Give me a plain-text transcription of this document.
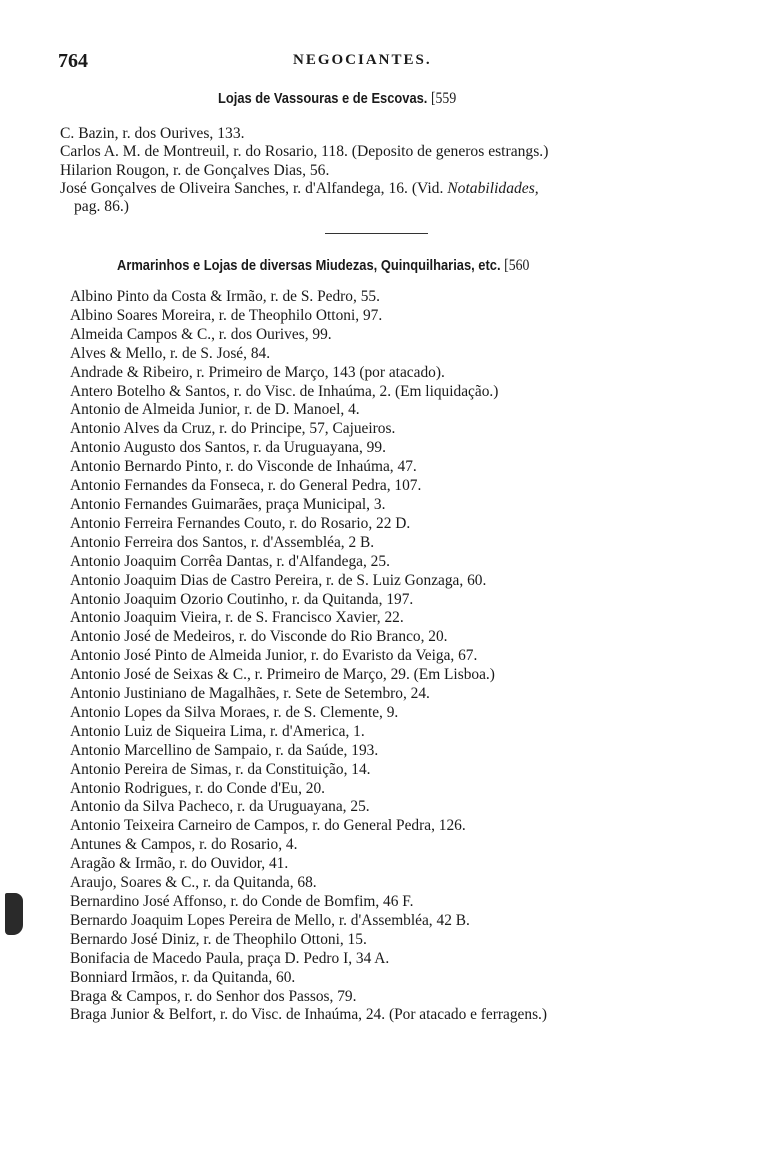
764	NEGOCIANTES.
Lojas de Vassouras e de Escovas. [559
C. Bazin, r. dos Ourives, 133.
Carlos A. M. de Montreuil, r. do Rosario, 118. (Deposito de generos estrangs.)
Hilarion Rougon, r. de Gonçalves Dias, 56.
José Gonçalves de Oliveira Sanches, r. d'Alfandega, 16. (Vid. Notabilidades,
pag. 86.)
Armarinhos e Lojas de diversas Miudezas, Quinquilharias, etc. [560
Albino Pinto da Costa & Irmão, r. de S. Pedro, 55.
Albino Soares Moreira, r. de Theophilo Ottoni, 97.
Almeida Campos & C., r. dos Ourives, 99.
Alves & Mello, r. de S. José, 84.
Andrade & Ribeiro, r. Primeiro de Março, 143 (por atacado).
Antero Botelho & Santos, r. do Visc. de Inhaúma, 2. (Em liquidação.)
Antonio de Almeida Junior, r. de D. Manoel, 4.
Antonio Alves da Cruz, r. do Principe, 57, Cajueiros.
Antonio Augusto dos Santos, r. da Uruguayana, 99.
Antonio Bernardo Pinto, r. do Visconde de Inhaúma, 47.
Antonio Fernandes da Fonseca, r. do General Pedra, 107.
Antonio Fernandes Guimarães, praça Municipal, 3.
Antonio Ferreira Fernandes Couto, r. do Rosario, 22 D.
Antonio Ferreira dos Santos, r. d'Assembléa, 2 B.
Antonio Joaquim Corrêa Dantas, r. d'Alfandega, 25.
Antonio Joaquim Dias de Castro Pereira, r. de S. Luiz Gonzaga, 60.
Antonio Joaquim Ozorio Coutinho, r. da Quitanda, 197.
Antonio Joaquim Vieira, r. de S. Francisco Xavier, 22.
Antonio José de Medeiros, r. do Visconde do Rio Branco, 20.
Antonio José Pinto de Almeida Junior, r. do Evaristo da Veiga, 67.
Antonio José de Seixas & C., r. Primeiro de Março, 29. (Em Lisboa.)
Antonio Justiniano de Magalhães, r. Sete de Setembro, 24.
Antonio Lopes da Silva Moraes, r. de S. Clemente, 9.
Antonio Luiz de Siqueira Lima, r. d'America, 1.
Antonio Marcellino de Sampaio, r. da Saúde, 193.
Antonio Pereira de Simas, r. da Constituição, 14.
Antonio Rodrigues, r. do Conde d'Eu, 20.
Antonio da Silva Pacheco, r. da Uruguayana, 25.
Antonio Teixeira Carneiro de Campos, r. do General Pedra, 126.
Antunes & Campos, r. do Rosario, 4.
Aragão & Irmão, r. do Ouvidor, 41.
Araujo, Soares & C., r. da Quitanda, 68.
Bernardino José Affonso, r. do Conde de Bomfim, 46 F.
Bernardo Joaquim Lopes Pereira de Mello, r. d'Assembléa, 42 B.
Bernardo José Diniz, r. de Theophilo Ottoni, 15.
Bonifacia de Macedo Paula, praça D. Pedro I, 34 A.
Bonniard Irmãos, r. da Quitanda, 60.
Braga & Campos, r. do Senhor dos Passos, 79.
Braga Junior & Belfort, r. do Visc. de Inhaúma, 24. (Por atacado e ferragens.)
